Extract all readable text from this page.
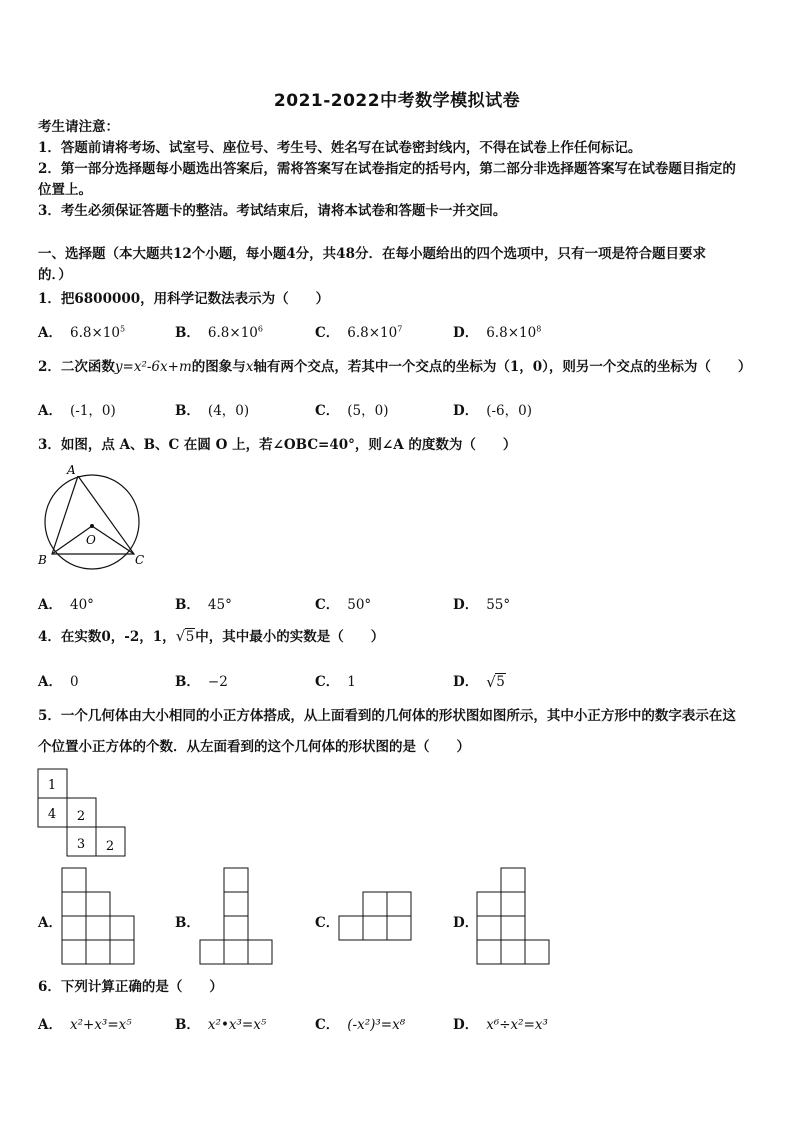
2021-2022中考数学模拟试卷
考生请注意：
1．答题前请将考场、试室号、座位号、考生号、姓名写在试卷密封线内，不得在试卷上作任何标记。
2．第一部分选择题每小题选出答案后，需将答案写在试卷指定的括号内，第二部分非选择题答案写在试卷题目指定的
位置上。
3．考生必须保证答题卡的整洁。考试结束后，请将本试卷和答题卡一并交回。
一、选择题（本大题共12个小题，每小题4分，共48分．在每小题给出的四个选项中，只有一项是符合题目要求
的．）
1．把6800000，用科学记数法表示为（　　）
A． $6.8\times 10^5$	B． $6.8\times 10^6$	C． $6.8\times 10^7$	D． $6.8\times 10^8$
2．二次函数y=x²-6x+m的图象与x轴有两个交点，若其中一个交点的坐标为（1，0），则另一个交点的坐标为（　　）
A． (-1，0)	B． (4，0)	C． (5，0)	D． (-6，0)
3．如图，点 A、B、C 在圆 O 上，若∠OBC=40°，则∠A 的度数为（　　）
A
B	C
O
A． 40°	B． 45°	C． 50°	D． 55°
4．在实数0，-2，1， √ 5中，其中最小的实数是（　　）
A． 0	B． −2	C． 1	D． √ 5
5．一个几何体由大小相同的小正方体搭成，从上面看到的几何体的形状图如图所示，其中小正方形中的数字表示在这
个位置小正方体的个数．从左面看到的这个几何体的形状图的是（　　）
1
4 2
3 2
A．	B．	C．	D．
6．下列计算正确的是（　　）
A． x²+x³=x⁵	B． x²•x³=x⁵	C． (-x²)³=x⁸	D． x⁶÷x²=x³
